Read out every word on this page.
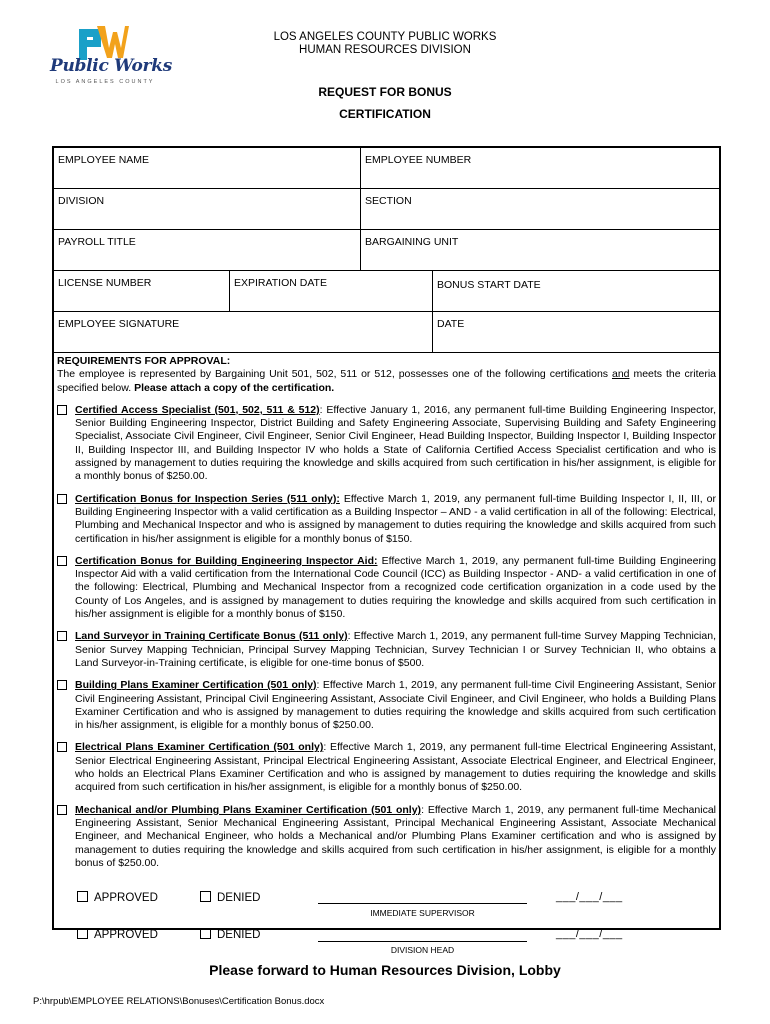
Public Works
LOS ANGELES COUNTY
LOS ANGELES COUNTY PUBLIC WORKS
HUMAN RESOURCES DIVISION
REQUEST FOR BONUS
CERTIFICATION
EMPLOYEE NAME	EMPLOYEE NUMBER
DIVISION	SECTION
PAYROLL TITLE	BARGAINING UNIT
LICENSE NUMBER	EXPIRATION DATE	BONUS START DATE
EMPLOYEE SIGNATURE	DATE
REQUIREMENTS FOR APPROVAL:
The employee is represented by Bargaining Unit 501, 502, 511 or 512, possesses one of the following certifications and meets the criteria specified below. Please attach a copy of the certification.
Certified Access Specialist (501, 502, 511 & 512): Effective January 1, 2016, any permanent full-time Building Engineering Inspector, Senior Building Engineering Inspector, District Building and Safety Engineering Associate, Supervising Building and Safety Engineering Specialist, Associate Civil Engineer, Civil Engineer, Senior Civil Engineer, Head Building Inspector, Building Inspector I, Building Inspector II, Building Inspector III, and Building Inspector IV who holds a State of California Certified Access Specialist certification and who is assigned by management to duties requiring the knowledge and skills acquired from such certification in his/her assignment, is eligible for a monthly bonus of $250.00.
Certification Bonus for Inspection Series (511 only): Effective March 1, 2019, any permanent full-time Building Inspector I, II, III, or Building Engineering Inspector with a valid certification as a Building Inspector – AND - a valid certification in all of the following: Electrical, Plumbing and Mechanical Inspector and who is assigned by management to duties requiring the knowledge and skills acquired from such certification in his/her assignment is eligible for a monthly bonus of $150.
Certification Bonus for Building Engineering Inspector Aid: Effective March 1, 2019, any permanent full-time Building Engineering Inspector Aid with a valid certification from the International Code Council (ICC) as Building Inspector - AND- a valid certification in one of the following: Electrical, Plumbing and Mechanical Inspector from a recognized code certification organization in a code used by the County of Los Angeles, and is assigned by management to duties requiring the knowledge and skills acquired from such certification in his/her assignment is eligible for a monthly bonus of $150.
Land Surveyor in Training Certificate Bonus (511 only): Effective March 1, 2019, any permanent full-time Survey Mapping Technician, Senior Survey Mapping Technician, Principal Survey Mapping Technician, Survey Technician I or Survey Technician II, who obtains a Land Surveyor-in-Training certificate, is eligible for one-time bonus of $500.
Building Plans Examiner Certification (501 only): Effective March 1, 2019, any permanent full-time Civil Engineering Assistant, Senior Civil Engineering Assistant, Principal Civil Engineering Assistant, Associate Civil Engineer, and Civil Engineer, who holds a Building Plans Examiner Certification and who is assigned by management to duties requiring the knowledge and skills acquired from such certification in his/her assignment, is eligible for a monthly bonus of $250.00.
Electrical Plans Examiner Certification (501 only): Effective March 1, 2019, any permanent full-time Electrical Engineering Assistant, Senior Electrical Engineering Assistant, Principal Electrical Engineering Assistant, Associate Electrical Engineer, and Electrical Engineer, who holds an Electrical Plans Examiner Certification and who is assigned by management to duties requiring the knowledge and skills acquired from such certification in his/her assignment, is eligible for a monthly bonus of $250.00.
Mechanical and/or Plumbing Plans Examiner Certification (501 only): Effective March 1, 2019, any permanent full-time Mechanical Engineering Assistant, Senior Mechanical Engineering Assistant, Principal Mechanical Engineering Assistant, Associate Mechanical Engineer, and Mechanical Engineer, who holds a Mechanical and/or Plumbing Plans Examiner certification and who is assigned by management to duties requiring the knowledge and skills acquired from such certification in his/her assignment, is eligible for a monthly bonus of $250.00.
APPROVED	DENIED
IMMEDIATE SUPERVISOR
___/___/___
APPROVED	DENIED
DIVISION HEAD
___/___/___
Please forward to Human Resources Division, Lobby
P:\hrpub\EMPLOYEE RELATIONS\Bonuses\Certification Bonus.docx
